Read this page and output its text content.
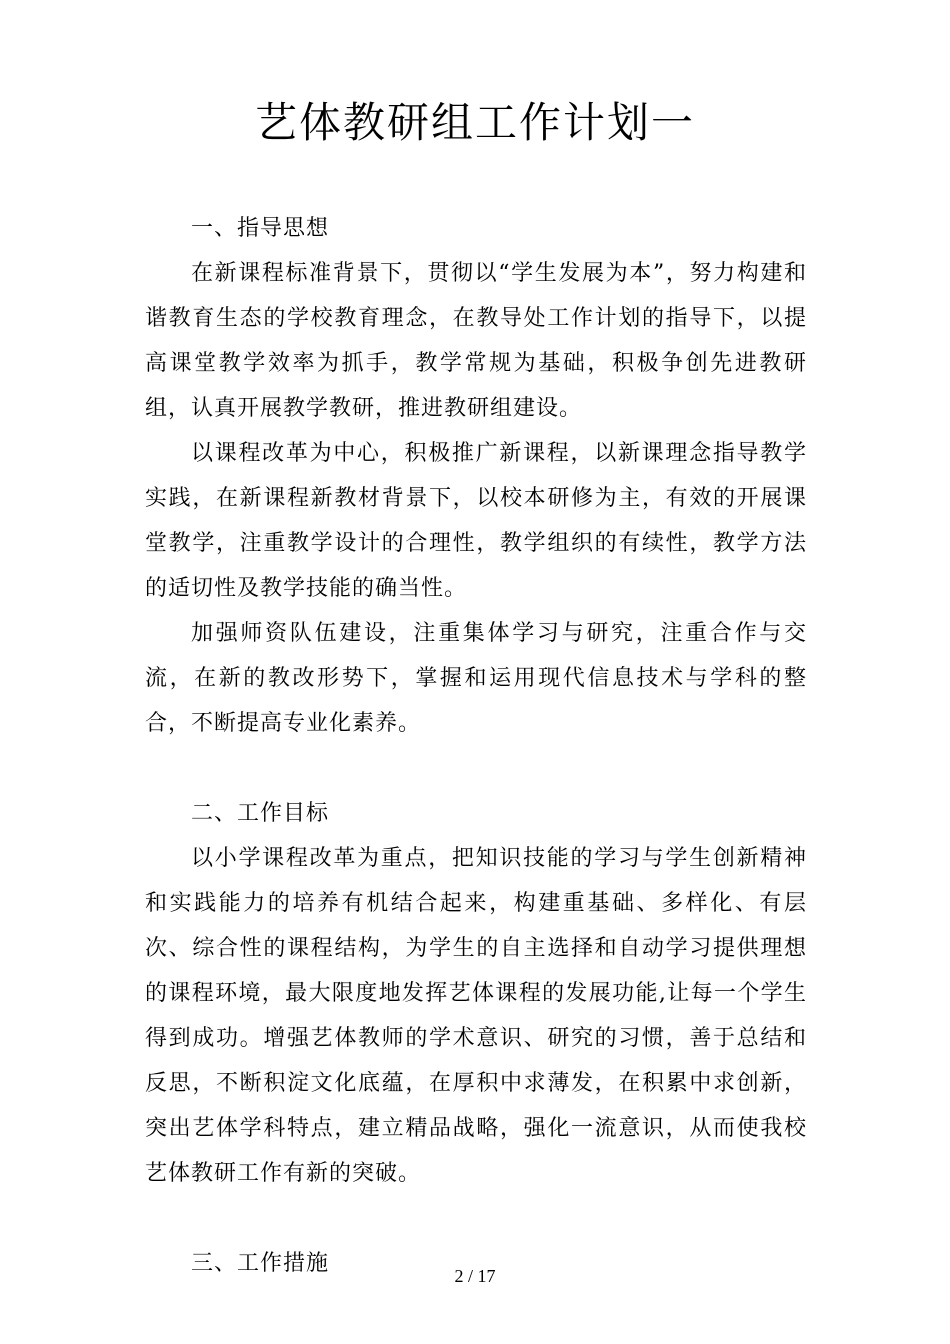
艺体教研组工作计划一

一、指导思想

在新课程标准背景下，贯彻以“学生发展为本”，努力构建和谐教育生态的学校教育理念，在教导处工作计划的指导下，以提高课堂教学效率为抓手，教学常规为基础，积极争创先进教研组，认真开展教学教研，推进教研组建设。

以课程改革为中心，积极推广新课程，以新课理念指导教学实践，在新课程新教材背景下，以校本研修为主，有效的开展课堂教学，注重教学设计的合理性，教学组织的有续性，教学方法的适切性及教学技能的确当性。

加强师资队伍建设，注重集体学习与研究，注重合作与交流，在新的教改形势下，掌握和运用现代信息技术与学科的整合，不断提高专业化素养。

二、工作目标

以小学课程改革为重点，把知识技能的学习与学生创新精神和实践能力的培养有机结合起来，构建重基础、多样化、有层次、综合性的课程结构，为学生的自主选择和自动学习提供理想的课程环境，最大限度地发挥艺体课程的发展功能,让每一个学生得到成功。增强艺体教师的学术意识、研究的习惯，善于总结和反思，不断积淀文化底蕴，在厚积中求薄发，在积累中求创新，突出艺体学科特点，建立精品战略，强化一流意识，从而使我校艺体教研工作有新的突破。

三、工作措施	2 / 17
